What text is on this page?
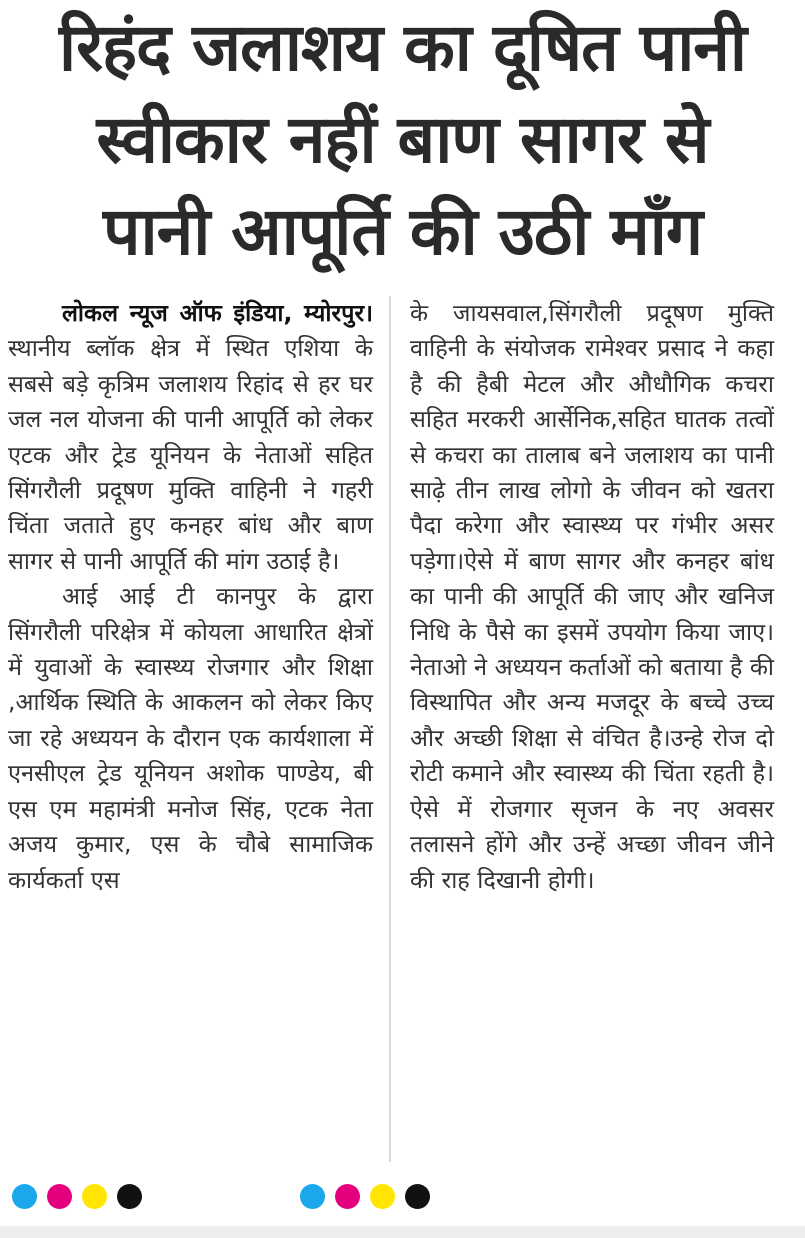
रिहंद जलाशय का दूषित पानी
स्वीकार नहीं बाण सागर से
पानी आपूर्ति की उठी माँग

लोकल न्यूज ऑफ इंडिया, म्योरपुर। स्थानीय ब्लॉक क्षेत्र में स्थित एशिया के सबसे बड़े कृत्रिम जलाशय रिहांद से हर घर जल नल योजना की पानी आपूर्ति को लेकर एटक और ट्रेड यूनियन के नेताओं सहित सिंगरौली प्रदूषण मुक्ति वाहिनी ने गहरी चिंता जताते हुए कनहर बांध और बाण सागर से पानी आपूर्ति की मांग उठाई है।

आई आई टी कानपुर के द्वारा सिंगरौली परिक्षेत्र में कोयला आधारित क्षेत्रों में युवाओं के स्वास्थ्य रोजगार और शिक्षा ,आर्थिक स्थिति के आकलन को लेकर किए जा रहे अध्ययन के दौरान एक कार्यशाला में एनसीएल ट्रेड यूनियन अशोक पाण्डेय, बी एस एम महामंत्री मनोज सिंह, एटक नेता अजय कुमार, एस के चौबे सामाजिक कार्यकर्ता एस

के जायसवाल,सिंगरौली प्रदूषण मुक्ति वाहिनी के संयोजक रामेश्वर प्रसाद ने कहा है की हैबी मेटल और औधौगिक कचरा सहित मरकरी आर्सेनिक,सहित घातक तत्वों से कचरा का तालाब बने जलाशय का पानी साढ़े तीन लाख लोगो के जीवन को खतरा पैदा करेगा और स्वास्थ्य पर गंभीर असर पड़ेगा।ऐसे में बाण सागर और कनहर बांध का पानी की आपूर्ति की जाए और खनिज निधि के पैसे का इसमें उपयोग किया जाए। नेताओ ने अध्ययन कर्ताओं को बताया है की विस्थापित और अन्य मजदूर के बच्चे उच्च और अच्छी शिक्षा से वंचित है।उन्हे रोज दो रोटी कमाने और स्वास्थ्य की चिंता रहती है।ऐसे में रोजगार सृजन के नए अवसर तलासने होंगे और उन्हें अच्छा जीवन जीने की राह दिखानी होगी।
